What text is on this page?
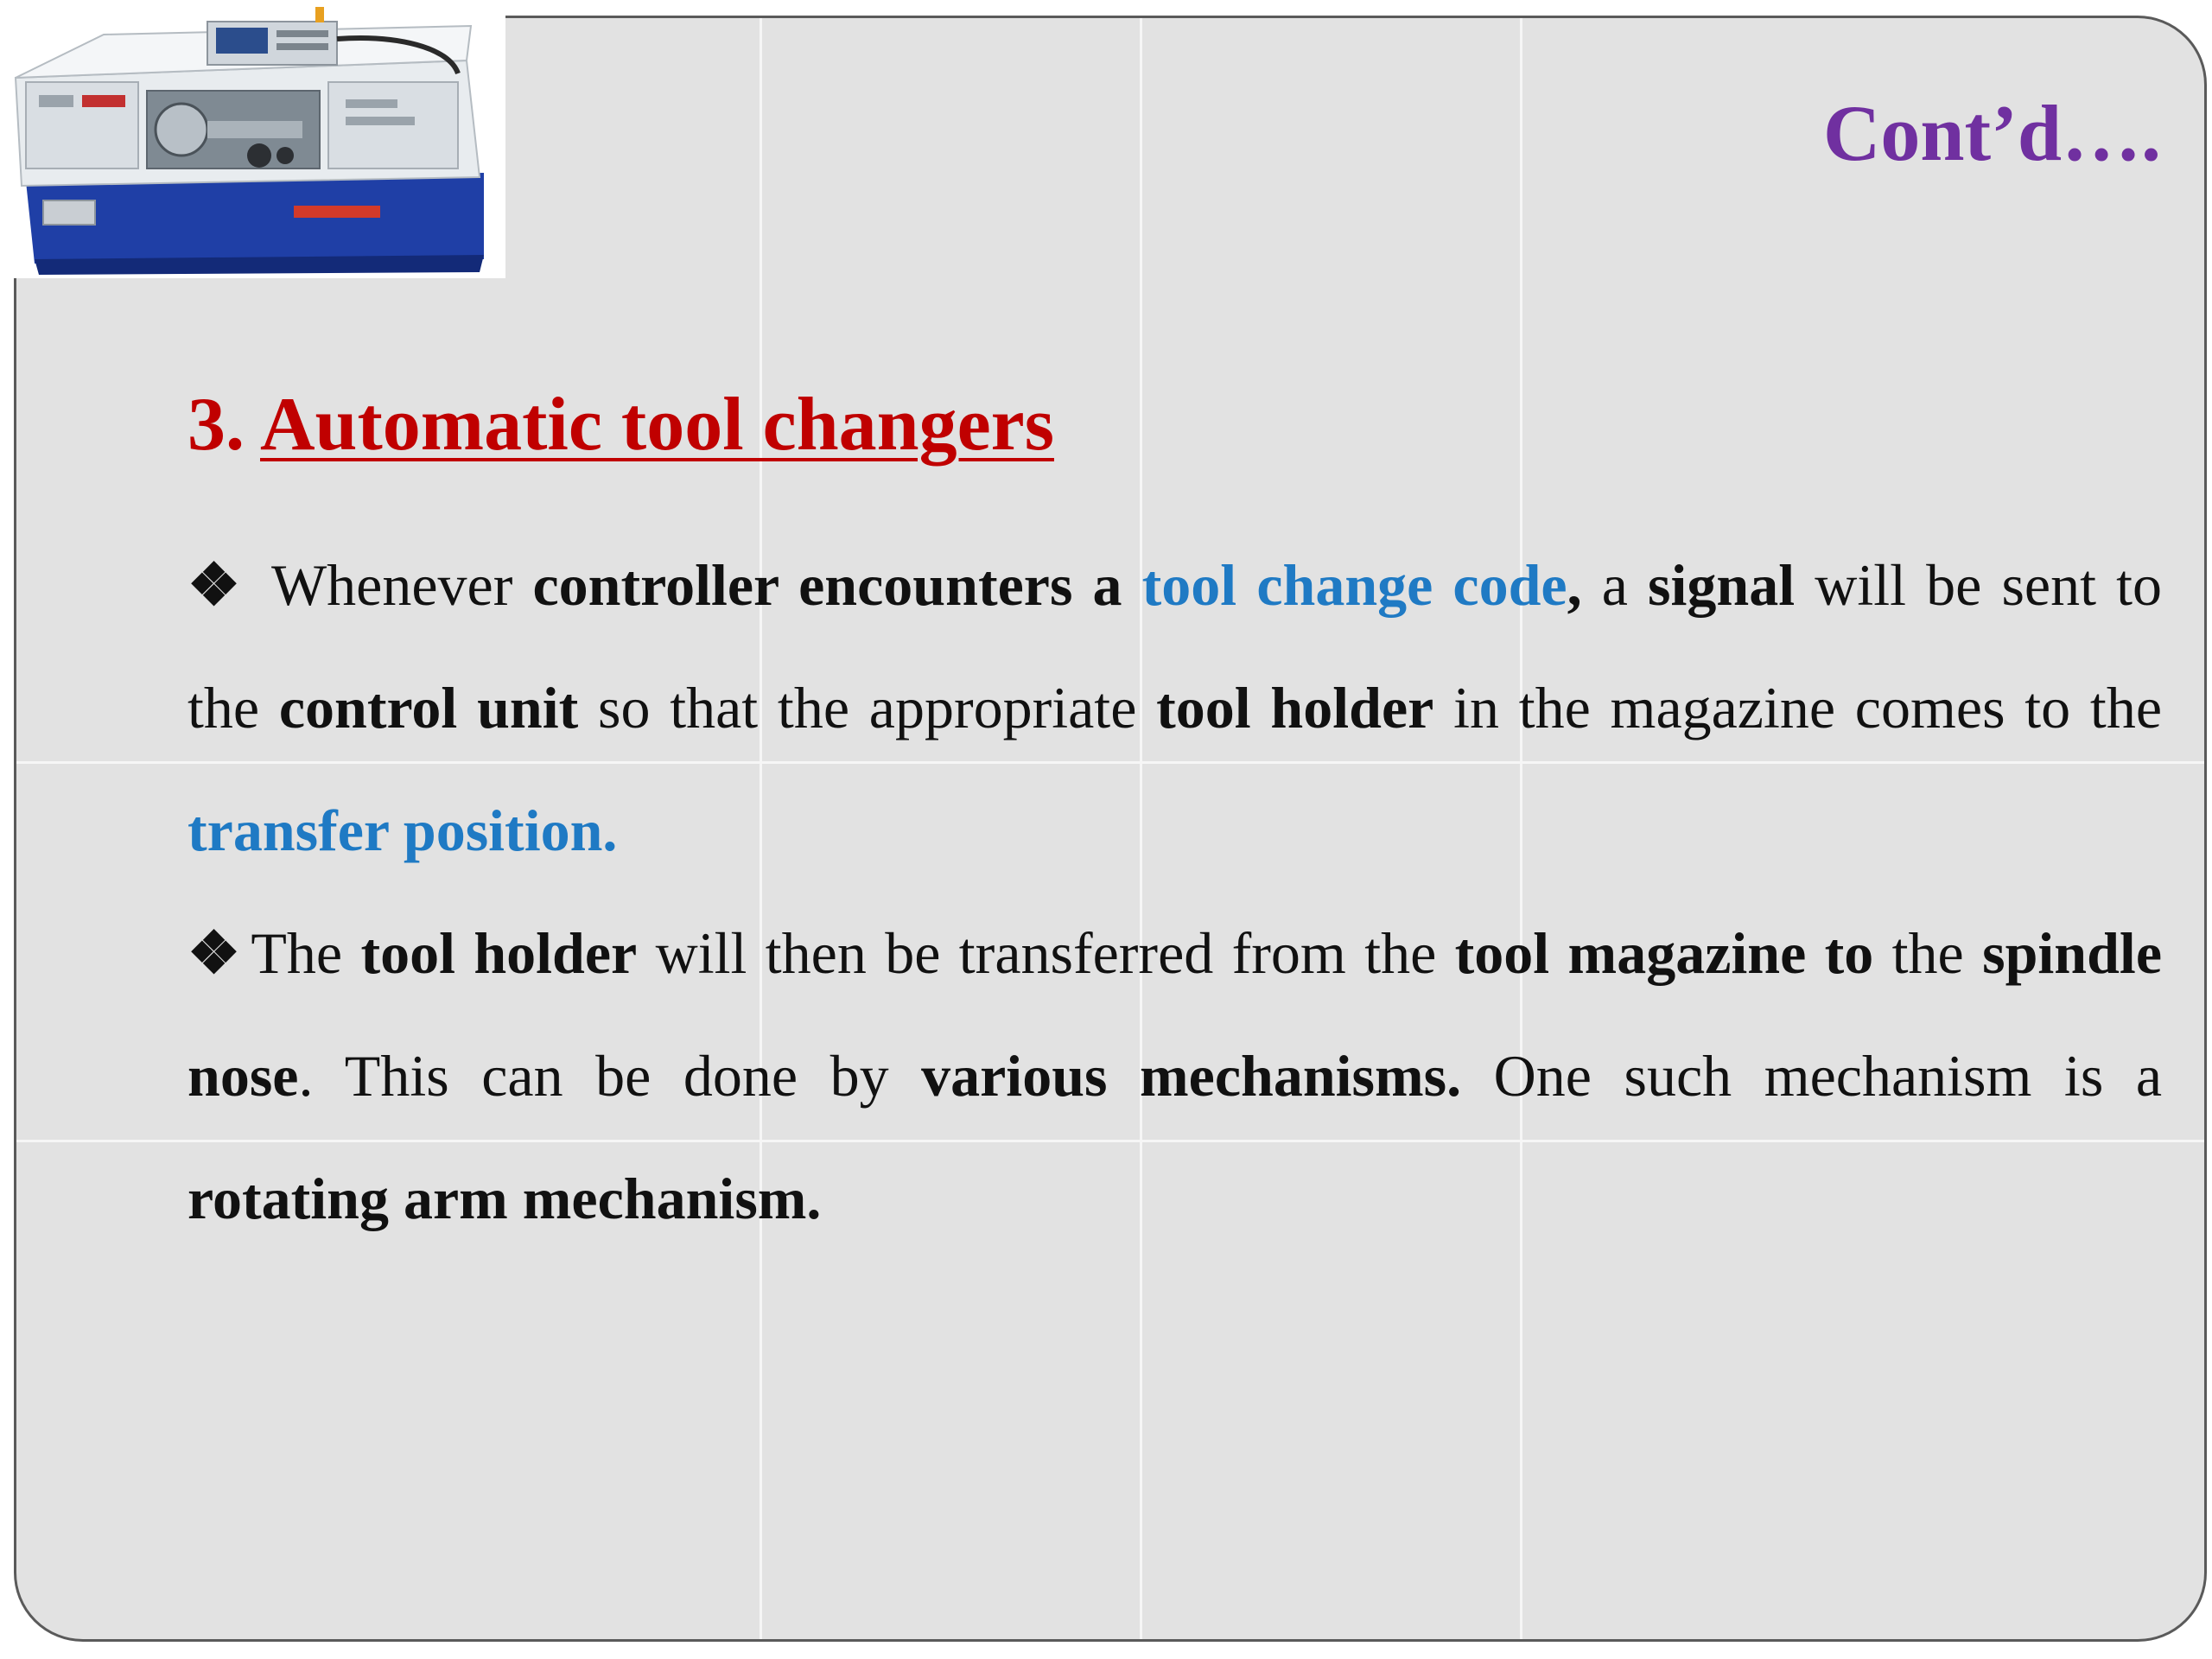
Cont’d….
3. Automatic tool changers

❖ Whenever controller encounters a tool change code, a signal will be sent to the control unit so that the appropriate tool holder in the magazine comes to the transfer position.

❖ The tool holder will then be transferred from the tool magazine to the spindle nose. This can be done by various mechanisms. One such mechanism is a rotating arm mechanism.
